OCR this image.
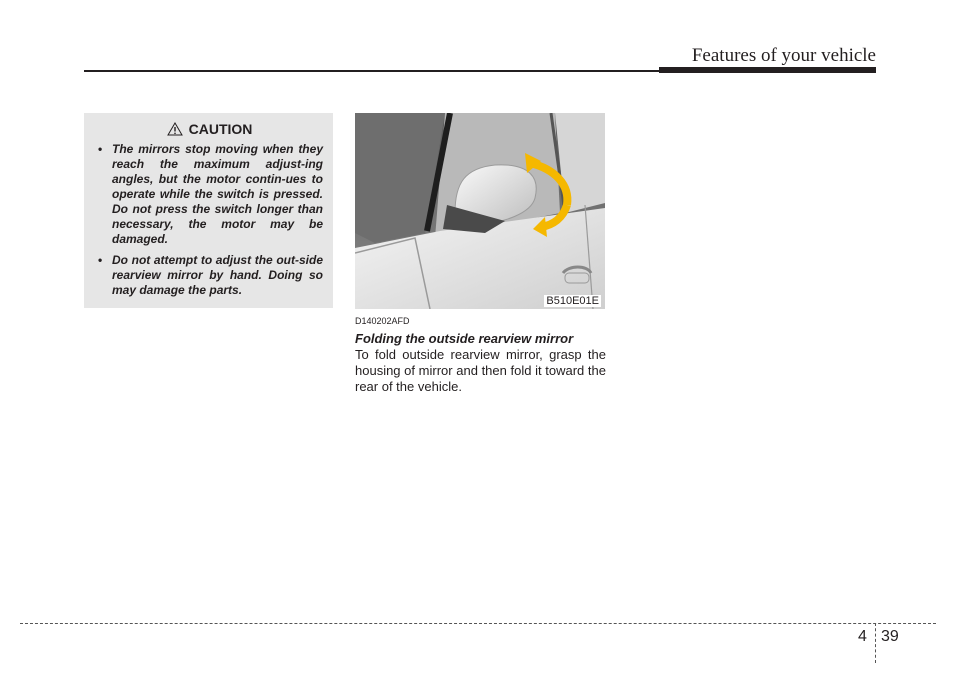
Features of your vehicle
CAUTION
• The mirrors stop moving when they reach the maximum adjust-ing angles, but the motor contin-ues to operate while the switch is pressed. Do not press the switch longer than necessary, the motor may be damaged.
• Do not attempt to adjust the out-side rearview mirror by hand. Doing so may damage the parts.
B510E01E
D140202AFD
Folding the outside rearview mirror
To fold outside rearview mirror, grasp the housing of mirror and then fold it toward the rear of the vehicle.
4 39
